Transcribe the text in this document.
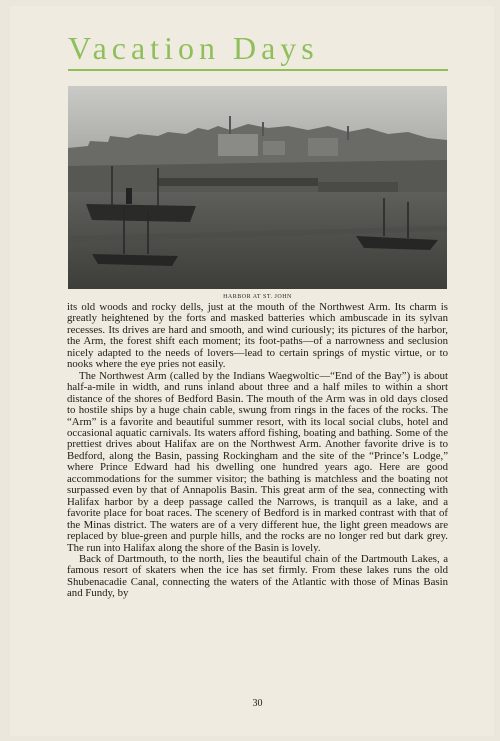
Vacation Days
HARBOR AT ST. JOHN

its old woods and rocky dells, just at the mouth of the Northwest Arm. Its charm is greatly heightened by the forts and masked batteries which ambuscade in its sylvan recesses. Its drives are hard and smooth, and wind curiously; its pictures of the harbor, the Arm, the forest shift each moment; its foot-paths—of a narrowness and seclusion nicely adapted to the needs of lovers—lead to certain springs of mystic virtue, or to nooks where the eye pries not easily.

The Northwest Arm (called by the Indians Waegwoltic—“End of the Bay”) is about half-a-mile in width, and runs inland about three and a half miles to within a short distance of the shores of Bedford Basin. The mouth of the Arm was in old days closed to hostile ships by a huge chain cable, swung from rings in the faces of the rocks. The “Arm” is a favorite and beautiful summer resort, with its local social clubs, hotel and occasional aquatic carnivals. Its waters afford fishing, boating and bathing. Some of the prettiest drives about Halifax are on the Northwest Arm. Another favorite drive is to Bedford, along the Basin, passing Rockingham and the site of the “Prince’s Lodge,” where Prince Edward had his dwelling one hundred years ago. Here are good accommodations for the summer visitor; the bathing is matchless and the boating not surpassed even by that of Annapolis Basin. This great arm of the sea, connecting with Halifax harbor by a deep passage called the Narrows, is tranquil as a lake, and a favorite place for boat races. The scenery of Bedford is in marked contrast with that of the Minas district. The waters are of a very different hue, the light green meadows are replaced by blue-green and purple hills, and the rocks are no longer red but dark grey. The run into Halifax along the shore of the Basin is lovely.

Back of Dartmouth, to the north, lies the beautiful chain of the Dartmouth Lakes, a famous resort of skaters when the ice has set firmly. From these lakes runs the old Shubenacadie Canal, connecting the waters of the Atlantic with those of Minas Basin and Fundy, by

30
